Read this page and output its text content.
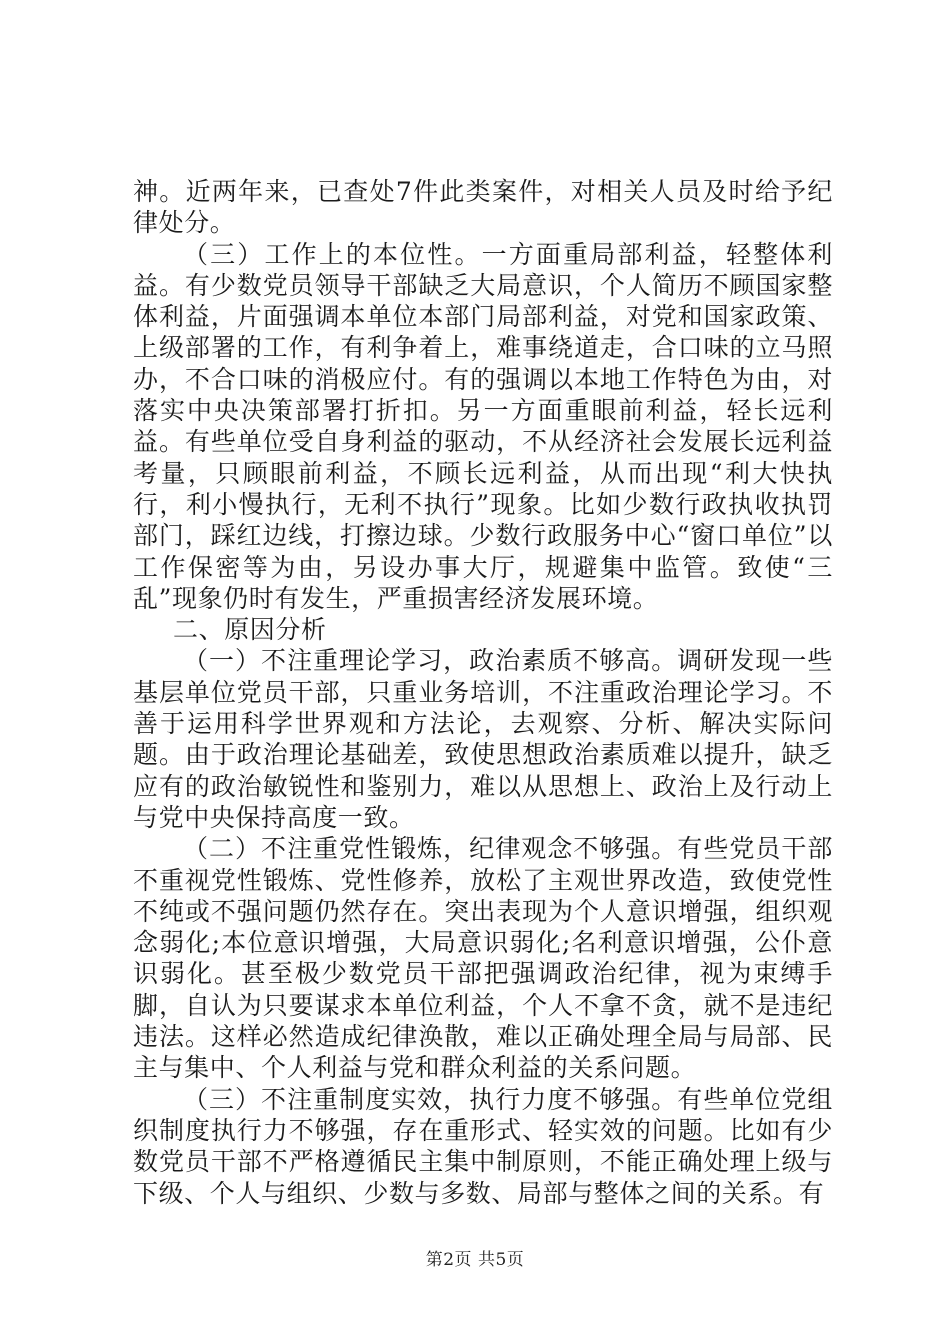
神。近两年来，已查处7件此类案件，对相关人员及时给予纪律处分。

（三）工作上的本位性。一方面重局部利益，轻整体利益。有少数党员领导干部缺乏大局意识，个人简历不顾国家整体利益，片面强调本单位本部门局部利益，对党和国家政策、上级部署的工作，有利争着上，难事绕道走，合口味的立马照办，不合口味的消极应付。有的强调以本地工作特色为由，对落实中央决策部署打折扣。另一方面重眼前利益，轻长远利益。有些单位受自身利益的驱动，不从经济社会发展长远利益考量，只顾眼前利益，不顾长远利益，从而出现“利大快执行，利小慢执行，无利不执行”现象。比如少数行政执收执罚部门，踩红边线，打擦边球。少数行政服务中心“窗口单位”以工作保密等为由，另设办事大厅，规避集中监管。致使“三乱”现象仍时有发生，严重损害经济发展环境。

二、原因分析

（一）不注重理论学习，政治素质不够高。调研发现一些基层单位党员干部，只重业务培训，不注重政治理论学习。不善于运用科学世界观和方法论，去观察、分析、解决实际问题。由于政治理论基础差，致使思想政治素质难以提升，缺乏应有的政治敏锐性和鉴别力，难以从思想上、政治上及行动上与党中央保持高度一致。

（二）不注重党性锻炼，纪律观念不够强。有些党员干部不重视党性锻炼、党性修养，放松了主观世界改造，致使党性不纯或不强问题仍然存在。突出表现为个人意识增强，组织观念弱化;本位意识增强，大局意识弱化;名利意识增强，公仆意识弱化。甚至极少数党员干部把强调政治纪律，视为束缚手脚，自认为只要谋求本单位利益，个人不拿不贪，就不是违纪违法。这样必然造成纪律涣散，难以正确处理全局与局部、民主与集中、个人利益与党和群众利益的关系问题。

（三）不注重制度实效，执行力度不够强。有些单位党组织制度执行力不够强，存在重形式、轻实效的问题。比如有少数党员干部不严格遵循民主集中制原则，不能正确处理上级与下级、个人与组织、少数与多数、局部与整体之间的关系。有

第2页 共5页
